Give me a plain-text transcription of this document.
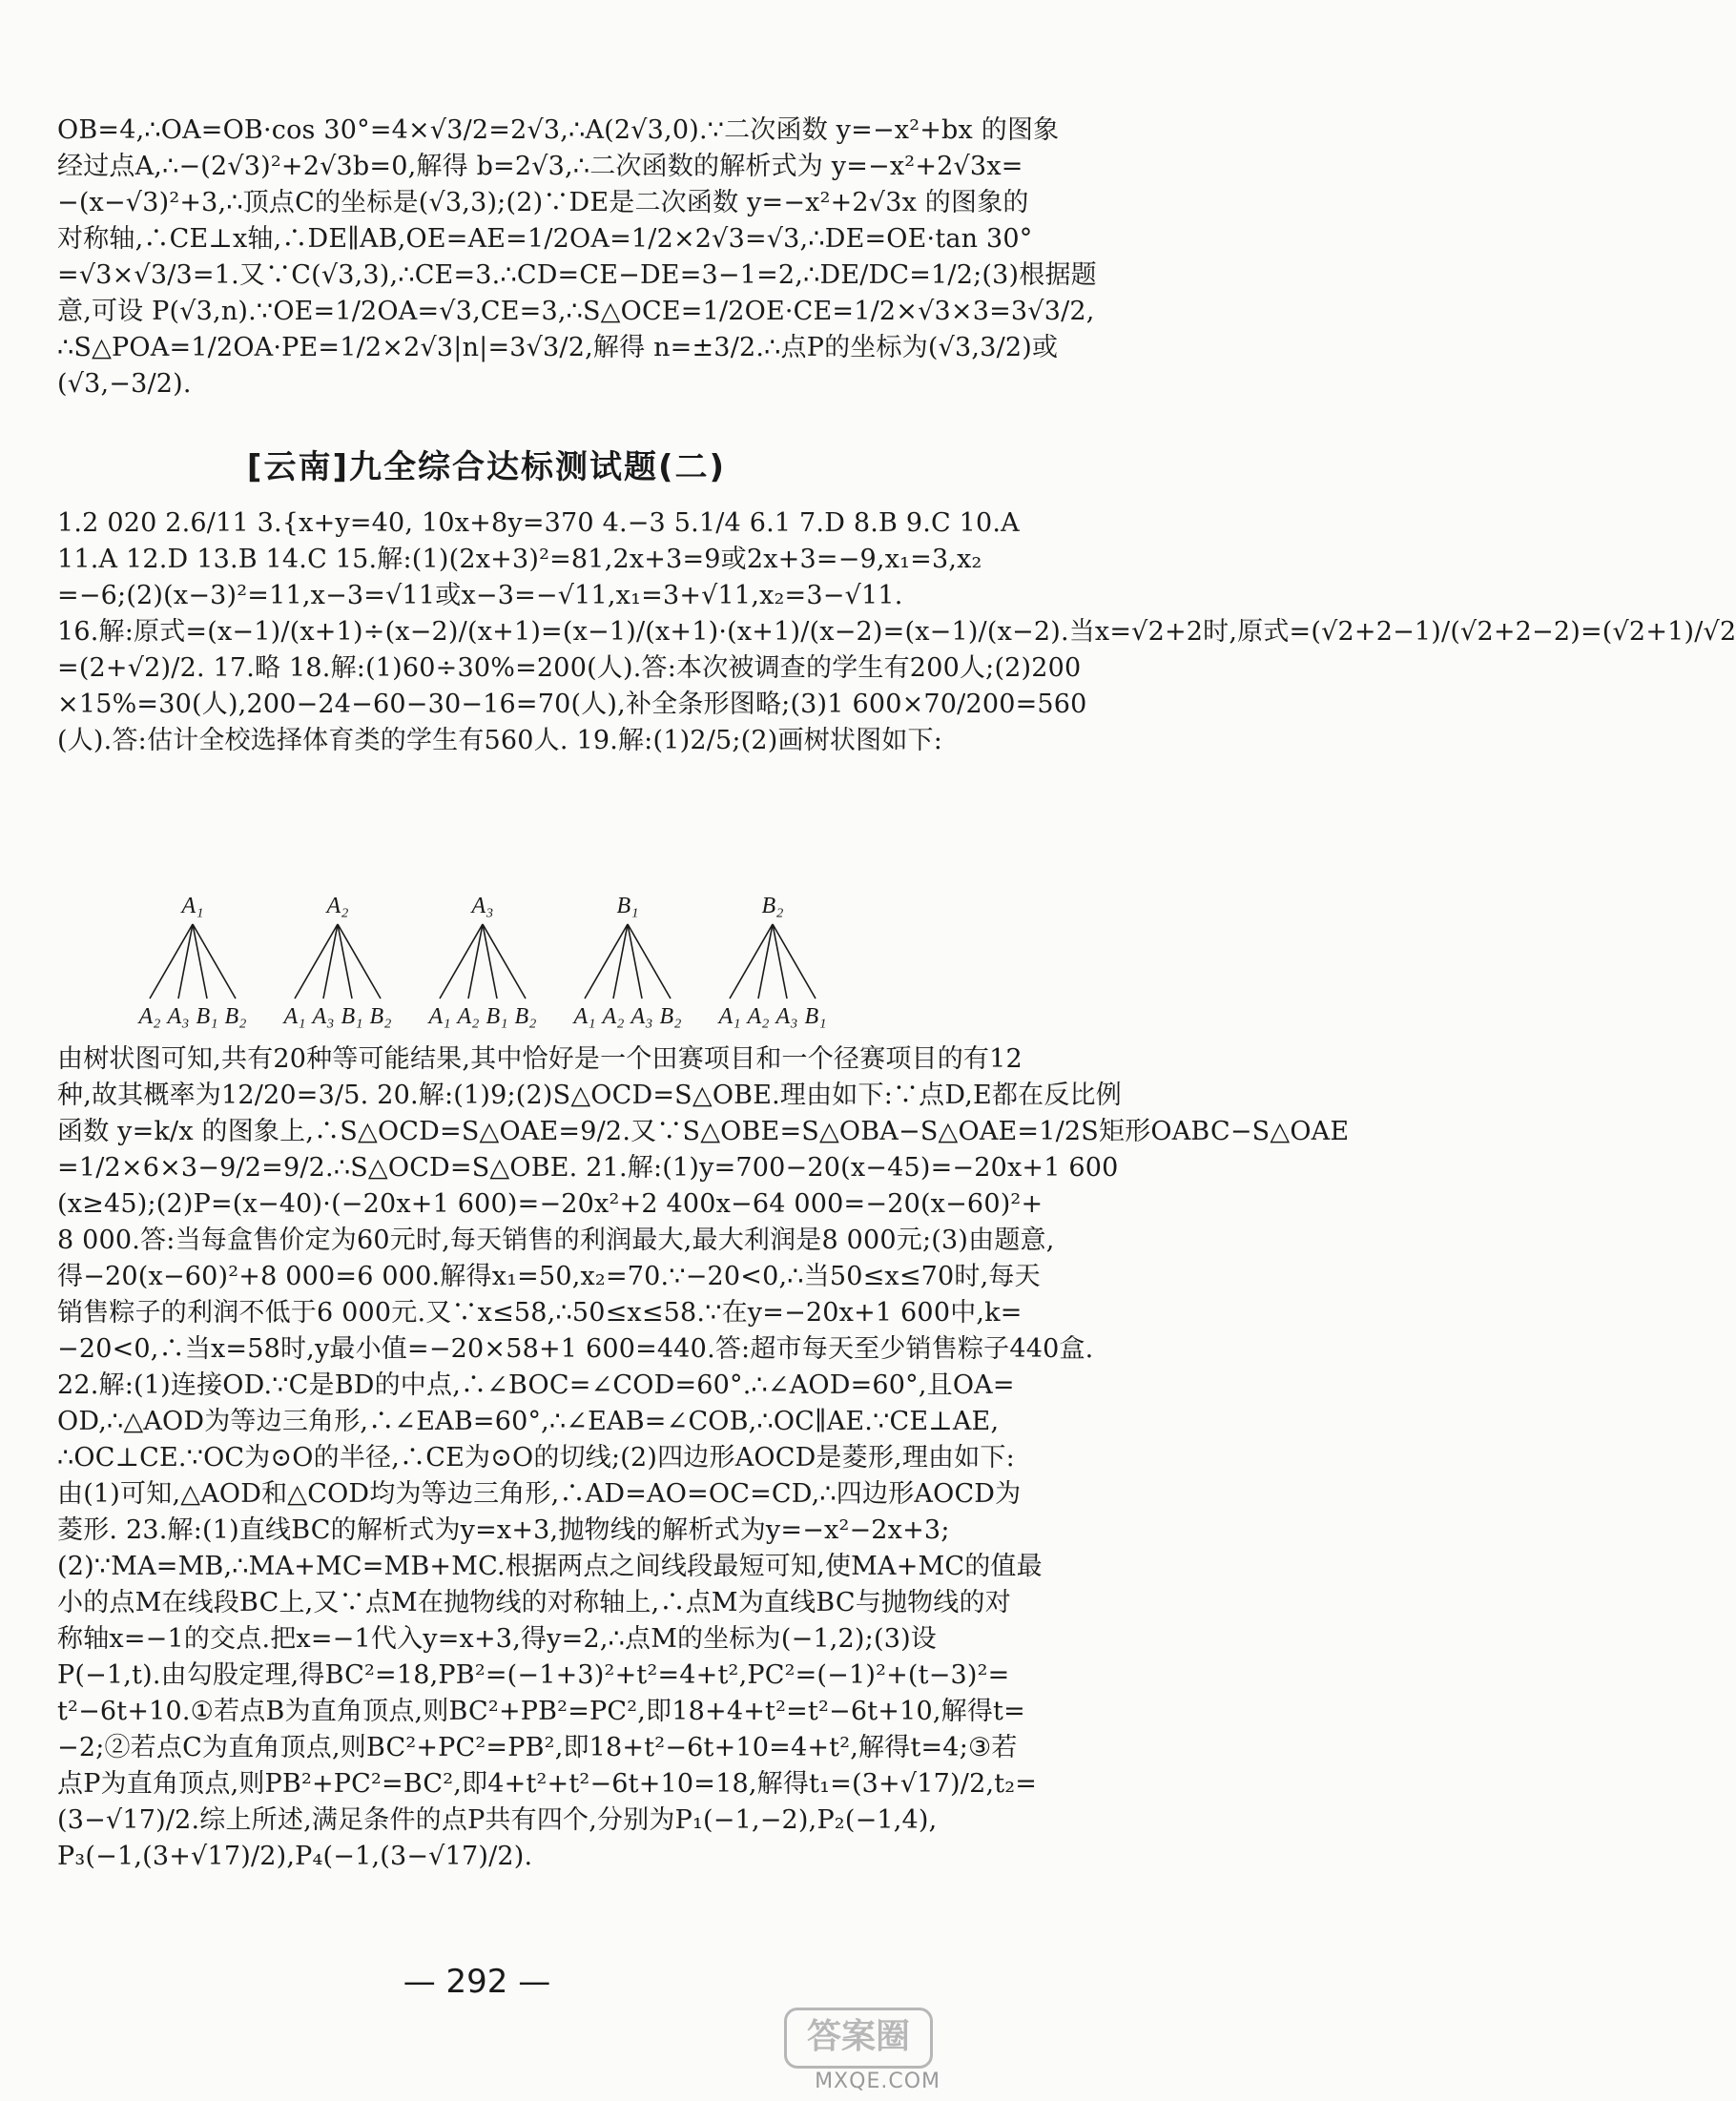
OB=4,∴OA=OB·cos 30°=4×√3/2=2√3,∴A(2√3,0).∵二次函数 y=−x²+bx 的图象
经过点A,∴−(2√3)²+2√3b=0,解得 b=2√3,∴二次函数的解析式为 y=−x²+2√3x=
−(x−√3)²+3,∴顶点C的坐标是(√3,3);(2)∵DE是二次函数 y=−x²+2√3x 的图象的
对称轴,∴CE⊥x轴,∴DE∥AB,OE=AE=1/2OA=1/2×2√3=√3,∴DE=OE·tan 30°
=√3×√3/3=1.又∵C(√3,3),∴CE=3.∴CD=CE−DE=3−1=2,∴DE/DC=1/2;(3)根据题
意,可设 P(√3,n).∵OE=1/2OA=√3,CE=3,∴S△OCE=1/2OE·CE=1/2×√3×3=3√3/2,
∴S△POA=1/2OA·PE=1/2×2√3|n|=3√3/2,解得 n=±3/2.∴点P的坐标为(√3,3/2)或
(√3,−3/2).
[云南]九全综合达标测试题(二)
1.2 020 2.6/11 3.{x+y=40, 10x+8y=370 4.−3 5.1/4 6.1 7.D 8.B 9.C 10.A
11.A 12.D 13.B 14.C 15.解:(1)(2x+3)²=81,2x+3=9或2x+3=−9,x₁=3,x₂
=−6;(2)(x−3)²=11,x−3=√11或x−3=−√11,x₁=3+√11,x₂=3−√11.
16.解:原式=(x−1)/(x+1)÷(x−2)/(x+1)=(x−1)/(x+1)·(x+1)/(x−2)=(x−1)/(x−2).当x=√2+2时,原式=(√2+2−1)/(√2+2−2)=(√2+1)/√2
=(2+√2)/2. 17.略 18.解:(1)60÷30%=200(人).答:本次被调查的学生有200人;(2)200
×15%=30(人),200−24−60−30−16=70(人),补全条形图略;(3)1 600×70/200=560
(人).答:估计全校选择体育类的学生有560人. 19.解:(1)2/5;(2)画树状图如下:
A₁
A₂ A₃ B₁ B₂
A₂
A₁ A₃ B₁ B₂
A₃
A₁ A₂ B₁ B₂
B₁
A₁ A₂ A₃ B₂
B₂
A₁ A₂ A₃ B₁
由树状图可知,共有20种等可能结果,其中恰好是一个田赛项目和一个径赛项目的有12
种,故其概率为12/20=3/5. 20.解:(1)9;(2)S△OCD=S△OBE.理由如下:∵点D,E都在反比例
函数 y=k/x 的图象上,∴S△OCD=S△OAE=9/2.又∵S△OBE=S△OBA−S△OAE=1/2S矩形OABC−S△OAE
=1/2×6×3−9/2=9/2.∴S△OCD=S△OBE. 21.解:(1)y=700−20(x−45)=−20x+1 600
(x≥45);(2)P=(x−40)·(−20x+1 600)=−20x²+2 400x−64 000=−20(x−60)²+
8 000.答:当每盒售价定为60元时,每天销售的利润最大,最大利润是8 000元;(3)由题意,
得−20(x−60)²+8 000=6 000.解得x₁=50,x₂=70.∵−20<0,∴当50≤x≤70时,每天
销售粽子的利润不低于6 000元.又∵x≤58,∴50≤x≤58.∵在y=−20x+1 600中,k=
−20<0,∴当x=58时,y最小值=−20×58+1 600=440.答:超市每天至少销售粽子440盒.
22.解:(1)连接OD.∵C是BD的中点,∴∠BOC=∠COD=60°.∴∠AOD=60°,且OA=
OD,∴△AOD为等边三角形,∴∠EAB=60°,∴∠EAB=∠COB,∴OC∥AE.∵CE⊥AE,
∴OC⊥CE.∵OC为⊙O的半径,∴CE为⊙O的切线;(2)四边形AOCD是菱形,理由如下:
由(1)可知,△AOD和△COD均为等边三角形,∴AD=AO=OC=CD,∴四边形AOCD为
菱形. 23.解:(1)直线BC的解析式为y=x+3,抛物线的解析式为y=−x²−2x+3;
(2)∵MA=MB,∴MA+MC=MB+MC.根据两点之间线段最短可知,使MA+MC的值最
小的点M在线段BC上,又∵点M在抛物线的对称轴上,∴点M为直线BC与抛物线的对
称轴x=−1的交点.把x=−1代入y=x+3,得y=2,∴点M的坐标为(−1,2);(3)设
P(−1,t).由勾股定理,得BC²=18,PB²=(−1+3)²+t²=4+t²,PC²=(−1)²+(t−3)²=
t²−6t+10.①若点B为直角顶点,则BC²+PB²=PC²,即18+4+t²=t²−6t+10,解得t=
−2;②若点C为直角顶点,则BC²+PC²=PB²,即18+t²−6t+10=4+t²,解得t=4;③若
点P为直角顶点,则PB²+PC²=BC²,即4+t²+t²−6t+10=18,解得t₁=(3+√17)/2,t₂=
(3−√17)/2.综上所述,满足条件的点P共有四个,分别为P₁(−1,−2),P₂(−1,4),
P₃(−1,(3+√17)/2),P₄(−1,(3−√17)/2).
— 292 —
答案圈
MXQE.COM
